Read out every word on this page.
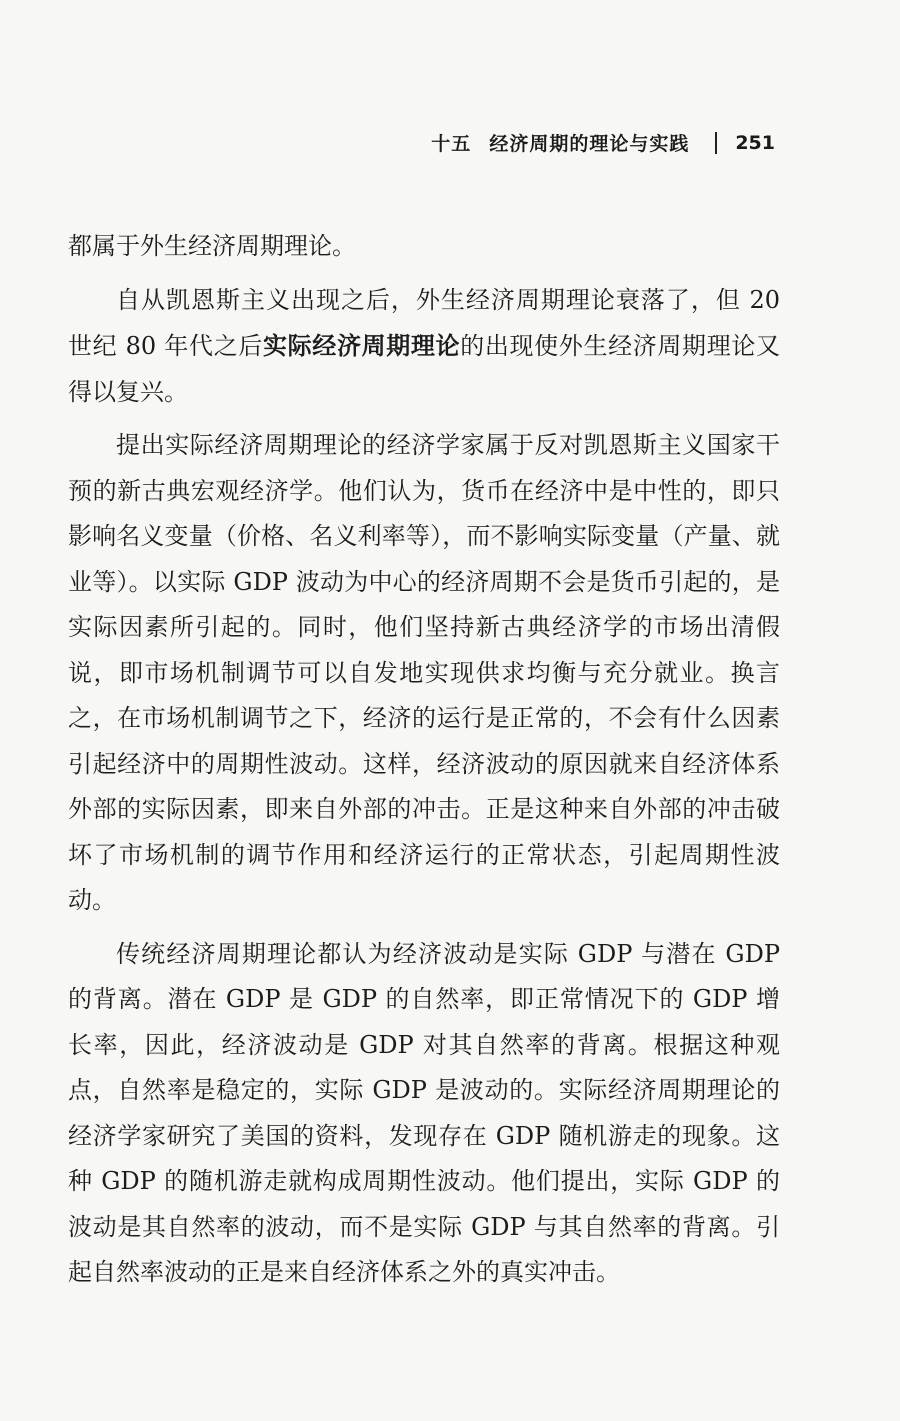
十五 经济周期的理论与实践 251

都属于外生经济周期理论。

自从凯恩斯主义出现之后，外生经济周期理论衰落了，但 20 世纪 80 年代之后实际经济周期理论的出现使外生经济周期理论又得以复兴。

提出实际经济周期理论的经济学家属于反对凯恩斯主义国家干预的新古典宏观经济学。他们认为，货币在经济中是中性的，即只影响名义变量（价格、名义利率等），而不影响实际变量（产量、就业等）。以实际 GDP 波动为中心的经济周期不会是货币引起的，是实际因素所引起的。同时，他们坚持新古典经济学的市场出清假说，即市场机制调节可以自发地实现供求均衡与充分就业。换言之，在市场机制调节之下，经济的运行是正常的，不会有什么因素引起经济中的周期性波动。这样，经济波动的原因就来自经济体系外部的实际因素，即来自外部的冲击。正是这种来自外部的冲击破坏了市场机制的调节作用和经济运行的正常状态，引起周期性波动。

传统经济周期理论都认为经济波动是实际 GDP 与潜在 GDP 的背离。潜在 GDP 是 GDP 的自然率，即正常情况下的 GDP 增长率，因此，经济波动是 GDP 对其自然率的背离。根据这种观点，自然率是稳定的，实际 GDP 是波动的。实际经济周期理论的经济学家研究了美国的资料，发现存在 GDP 随机游走的现象。这种 GDP 的随机游走就构成周期性波动。他们提出，实际 GDP 的波动是其自然率的波动，而不是实际 GDP 与其自然率的背离。引起自然率波动的正是来自经济体系之外的真实冲击。
